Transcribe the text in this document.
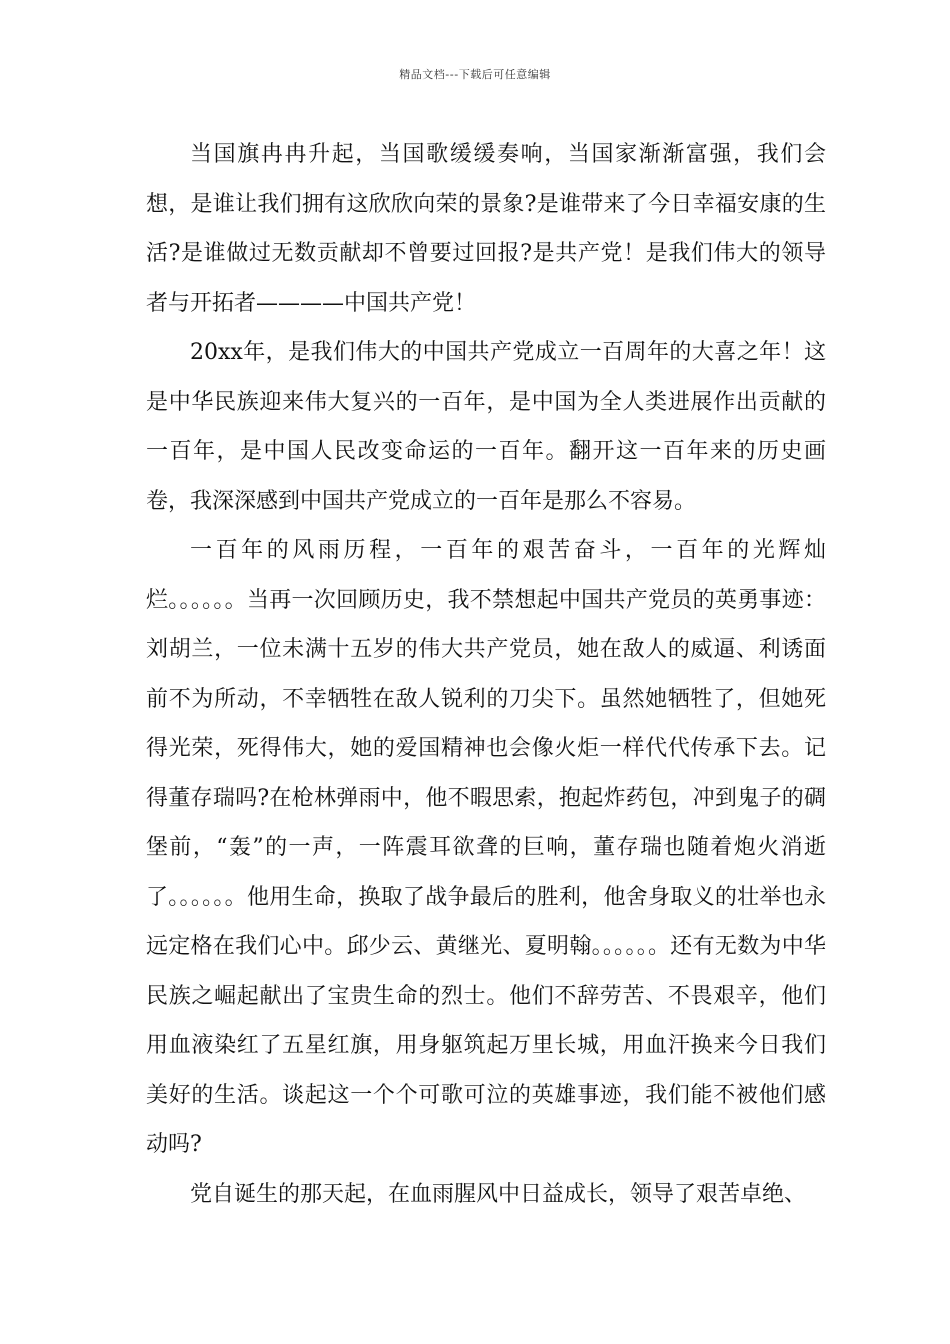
精品文档---下载后可任意编辑

当国旗冉冉升起，当国歌缓缓奏响，当国家渐渐富强，我们会想，是谁让我们拥有这欣欣向荣的景象?是谁带来了今日幸福安康的生活?是谁做过无数贡献却不曾要过回报?是共产党！是我们伟大的领导者与开拓者————中国共产党！

20xx年，是我们伟大的中国共产党成立一百周年的大喜之年！这是中华民族迎来伟大复兴的一百年，是中国为全人类进展作出贡献的一百年，是中国人民改变命运的一百年。翻开这一百年来的历史画卷，我深深感到中国共产党成立的一百年是那么不容易。

一百年的风雨历程，一百年的艰苦奋斗，一百年的光辉灿烂。。。。。。当再一次回顾历史，我不禁想起中国共产党员的英勇事迹：刘胡兰，一位未满十五岁的伟大共产党员，她在敌人的威逼、利诱面前不为所动，不幸牺牲在敌人锐利的刀尖下。虽然她牺牲了，但她死得光荣，死得伟大，她的爱国精神也会像火炬一样代代传承下去。记得董存瑞吗?在枪林弹雨中，他不暇思索，抱起炸药包，冲到鬼子的碉堡前，“轰”的一声，一阵震耳欲聋的巨响，董存瑞也随着炮火消逝了。。。。。。他用生命，换取了战争最后的胜利，他舍身取义的壮举也永远定格在我们心中。邱少云、黄继光、夏明翰。。。。。。还有无数为中华民族之崛起献出了宝贵生命的烈士。他们不辞劳苦、不畏艰辛，他们用血液染红了五星红旗，用身躯筑起万里长城，用血汗换来今日我们美好的生活。谈起这一个个可歌可泣的英雄事迹，我们能不被他们感动吗?

党自诞生的那天起，在血雨腥风中日益成长，领导了艰苦卓绝、
